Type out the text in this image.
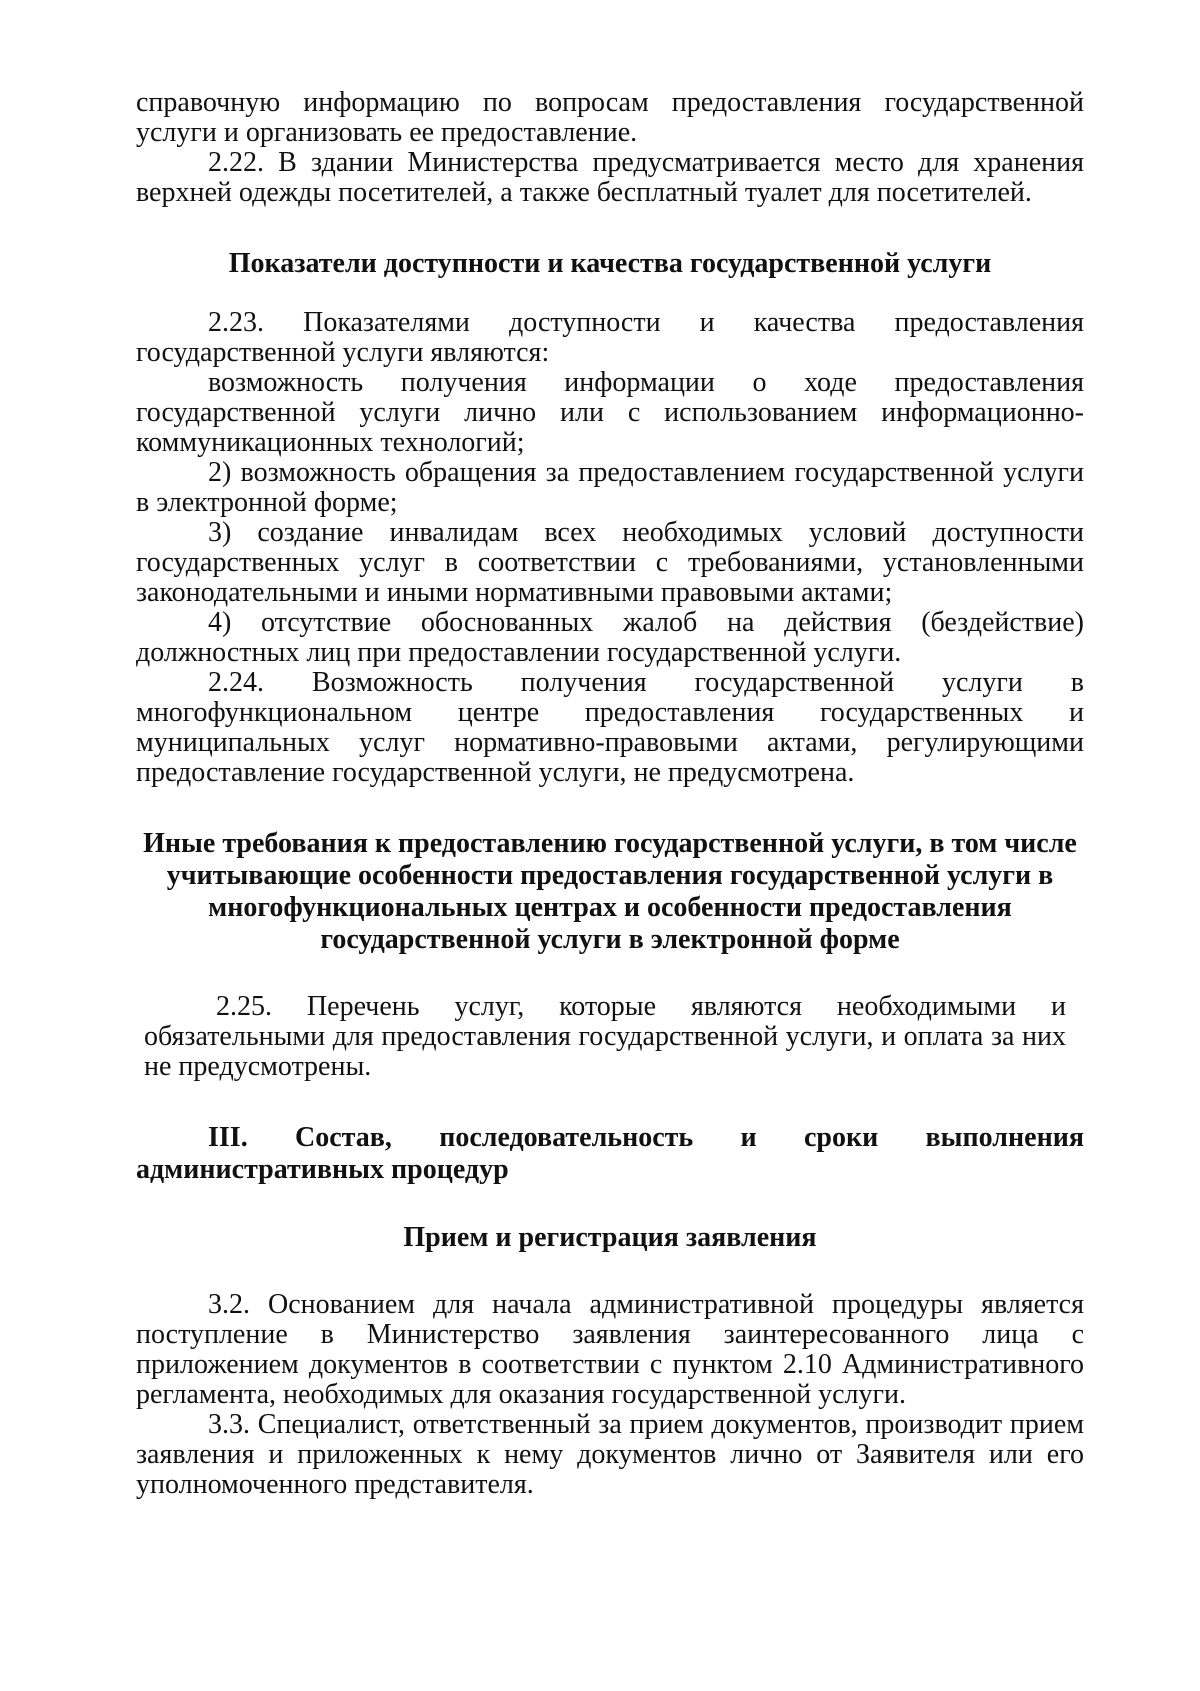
справочную информацию по вопросам предоставления государственной услуги и организовать ее предоставление.

2.22. В здании Министерства предусматривается место для хранения верхней одежды посетителей, а также бесплатный туалет для посетителей.

Показатели доступности и качества государственной услуги

2.23. Показателями доступности и качества предоставления государственной услуги являются:

возможность получения информации о ходе предоставления государственной услуги лично или с использованием информационно-коммуникационных технологий;

2) возможность обращения за предоставлением государственной услуги в электронной форме;

3) создание инвалидам всех необходимых условий доступности государственных услуг в соответствии с требованиями, установленными законодательными и иными нормативными правовыми актами;

4) отсутствие обоснованных жалоб на действия (бездействие) должностных лиц при предоставлении государственной услуги.

2.24. Возможность получения государственной услуги в многофункциональном центре предоставления государственных и муниципальных услуг нормативно-правовыми актами, регулирующими предоставление государственной услуги, не предусмотрена.

Иные требования к предоставлению государственной услуги, в том числе учитывающие особенности предоставления государственной услуги в многофункциональных центрах и особенности предоставления государственной услуги в электронной форме

2.25. Перечень услуг, которые являются необходимыми и обязательными для предоставления государственной услуги, и оплата за них не предусмотрены.

III. Состав, последовательность и сроки выполнения административных процедур
Прием и регистрация заявления

3.2. Основанием для начала административной процедуры является поступление в Министерство заявления заинтересованного лица с приложением документов в соответствии с пунктом 2.10 Административного регламента, необходимых для оказания государственной услуги.

3.3. Специалист, ответственный за прием документов, производит прием заявления и приложенных к нему документов лично от Заявителя или его уполномоченного представителя.
